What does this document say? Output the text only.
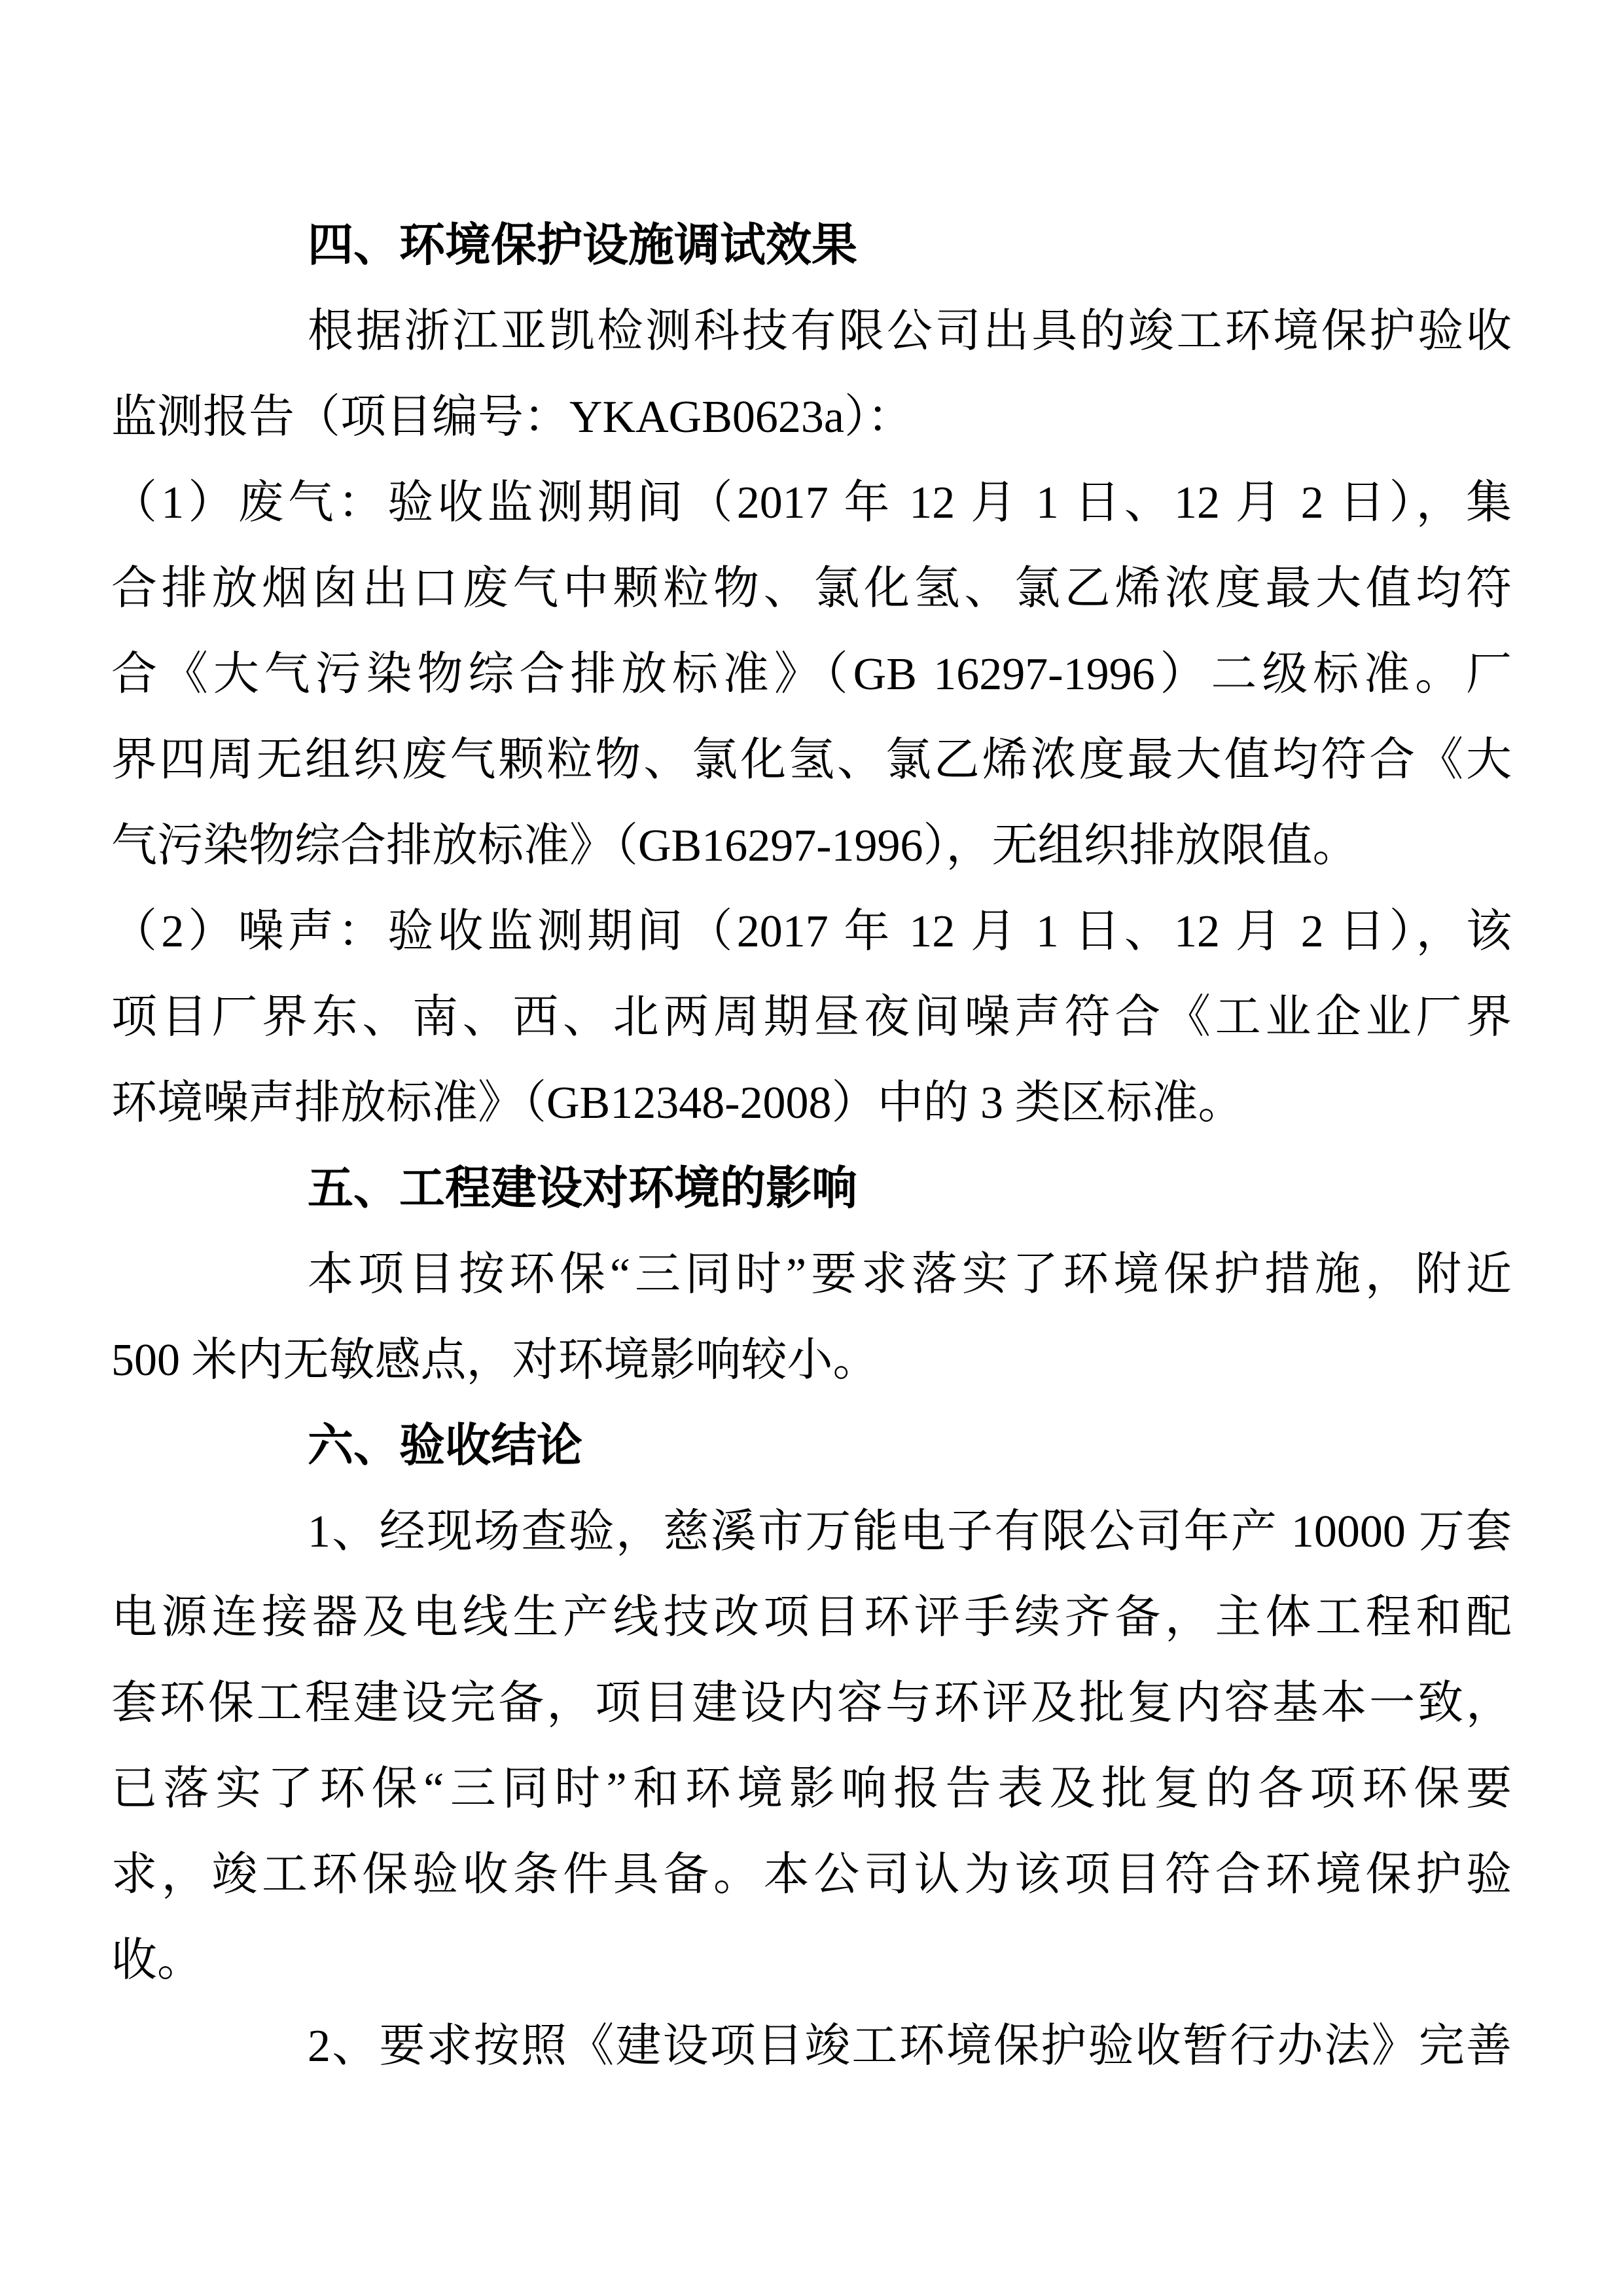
四、环境保护设施调试效果
根据浙江亚凯检测科技有限公司出具的竣工环境保护验收
监测报告（项目编号：YKAGB0623a）：
（1）废气：验收监测期间（2017 年 12 月 1 日、12 月 2 日），集
合排放烟囱出口废气中颗粒物、氯化氢、氯乙烯浓度最大值均符
合《大气污染物综合排放标准》（GB 16297-1996）二级标准。厂
界四周无组织废气颗粒物、氯化氢、氯乙烯浓度最大值均符合《大
气污染物综合排放标准》（GB16297-1996），无组织排放限值。
（2）噪声：验收监测期间（2017 年 12 月 1 日、12 月 2 日），该
项目厂界东、南、西、北两周期昼夜间噪声符合《工业企业厂界
环境噪声排放标准》（GB12348-2008）中的 3 类区标准。
五、工程建设对环境的影响
本项目按环保“三同时”要求落实了环境保护措施，附近
500 米内无敏感点，对环境影响较小。
六、验收结论
1、经现场查验，慈溪市万能电子有限公司年产 10000 万套
电源连接器及电线生产线技改项目环评手续齐备，主体工程和配
套环保工程建设完备，项目建设内容与环评及批复内容基本一致，
已落实了环保“三同时”和环境影响报告表及批复的各项环保要
求，竣工环保验收条件具备。本公司认为该项目符合环境保护验
收。
2、要求按照《建设项目竣工环境保护验收暂行办法》完善
